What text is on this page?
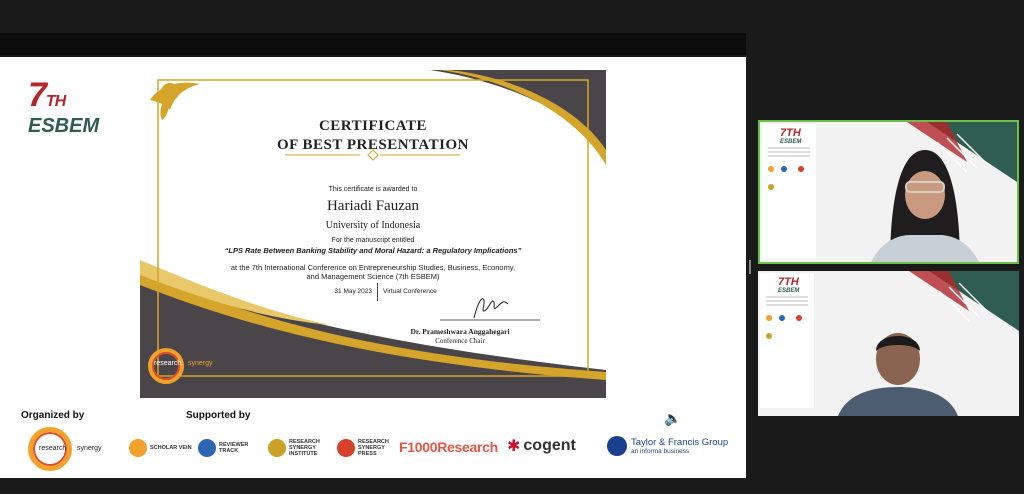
7TH
ESBEM	CERTIFICATE
OF BEST PRESENTATION
This certificate is awarded to
Hariadi Fauzan
University of Indonesia
For the manuscript entitled
“LPS Rate Between Banking Stability and Moral Hazard: a Regulatory Implications”
at the 7th International Conference on Entrepreneurship Studies, Business, Economy,
and Management Science (7th ESBEM)
31 May 2023 Virtual Conference
Dr. Prameshwara Anggahegari
Conference Chair
research synergy
Organized by	Supported by	🔈
research synergy	SCHOLAR VEIN	REVIEWER TRACK
RESEARCH SYNERGY INSTITUTE
RESEARCH SYNERGY PRESS	F1000Research ✱ cogent	Taylor & Francis Group
an informa business
7TH
ESBEM

7TH
ESBEM
